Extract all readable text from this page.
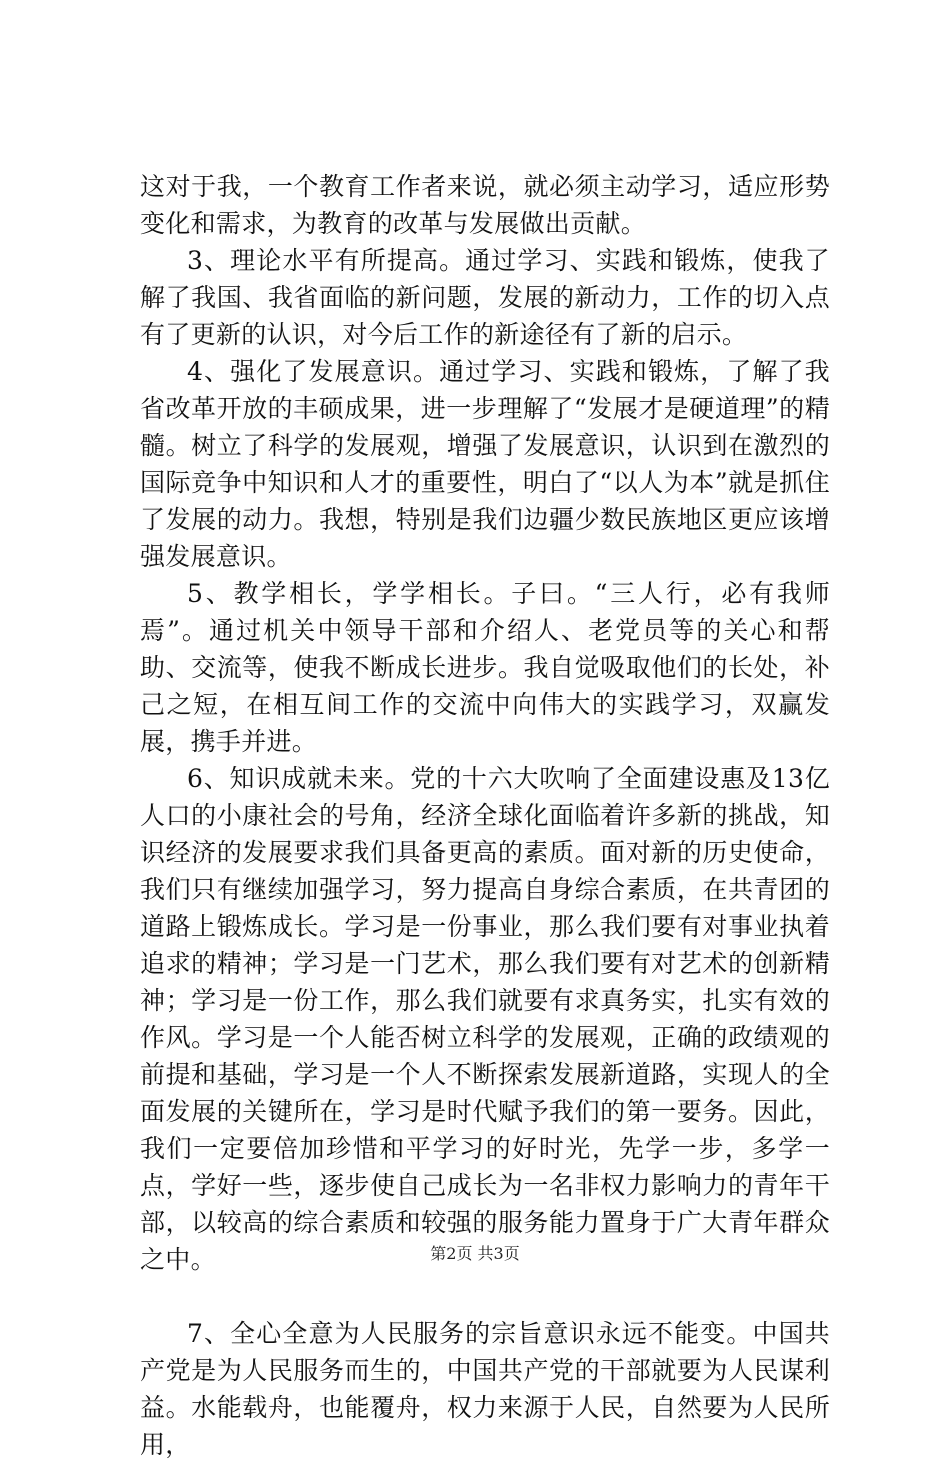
这对于我，一个教育工作者来说，就必须主动学习，适应形势变化和需求，为教育的改革与发展做出贡献。

3、理论水平有所提高。通过学习、实践和锻炼，使我了解了我国、我省面临的新问题，发展的新动力，工作的切入点有了更新的认识，对今后工作的新途径有了新的启示。

4、强化了发展意识。通过学习、实践和锻炼，了解了我省改革开放的丰硕成果，进一步理解了“发展才是硬道理”的精髓。树立了科学的发展观，增强了发展意识，认识到在激烈的国际竞争中知识和人才的重要性，明白了“以人为本”就是抓住了发展的动力。我想，特别是我们边疆少数民族地区更应该增强发展意识。

5、教学相长，学学相长。子曰。“三人行，必有我师焉”。通过机关中领导干部和介绍人、老党员等的关心和帮助、交流等，使我不断成长进步。我自觉吸取他们的长处，补己之短，在相互间工作的交流中向伟大的实践学习，双赢发展，携手并进。

6、知识成就未来。党的十六大吹响了全面建设惠及13亿人口的小康社会的号角，经济全球化面临着许多新的挑战，知识经济的发展要求我们具备更高的素质。面对新的历史使命，我们只有继续加强学习，努力提高自身综合素质，在共青团的道路上锻炼成长。学习是一份事业，那么我们要有对事业执着追求的精神；学习是一门艺术，那么我们要有对艺术的创新精神；学习是一份工作，那么我们就要有求真务实，扎实有效的作风。学习是一个人能否树立科学的发展观，正确的政绩观的前提和基础，学习是一个人不断探索发展新道路，实现人的全面发展的关键所在，学习是时代赋予我们的第一要务。因此，我们一定要倍加珍惜和平学习的好时光，先学一步，多学一点，学好一些，逐步使自己成长为一名非权力影响力的青年干部，以较高的综合素质和较强的服务能力置身于广大青年群众之中。

7、全心全意为人民服务的宗旨意识永远不能变。中国共产党是为人民服务而生的，中国共产党的干部就要为人民谋利益。水能载舟，也能覆舟，权力来源于人民，自然要为人民所用，

第2页 共3页
